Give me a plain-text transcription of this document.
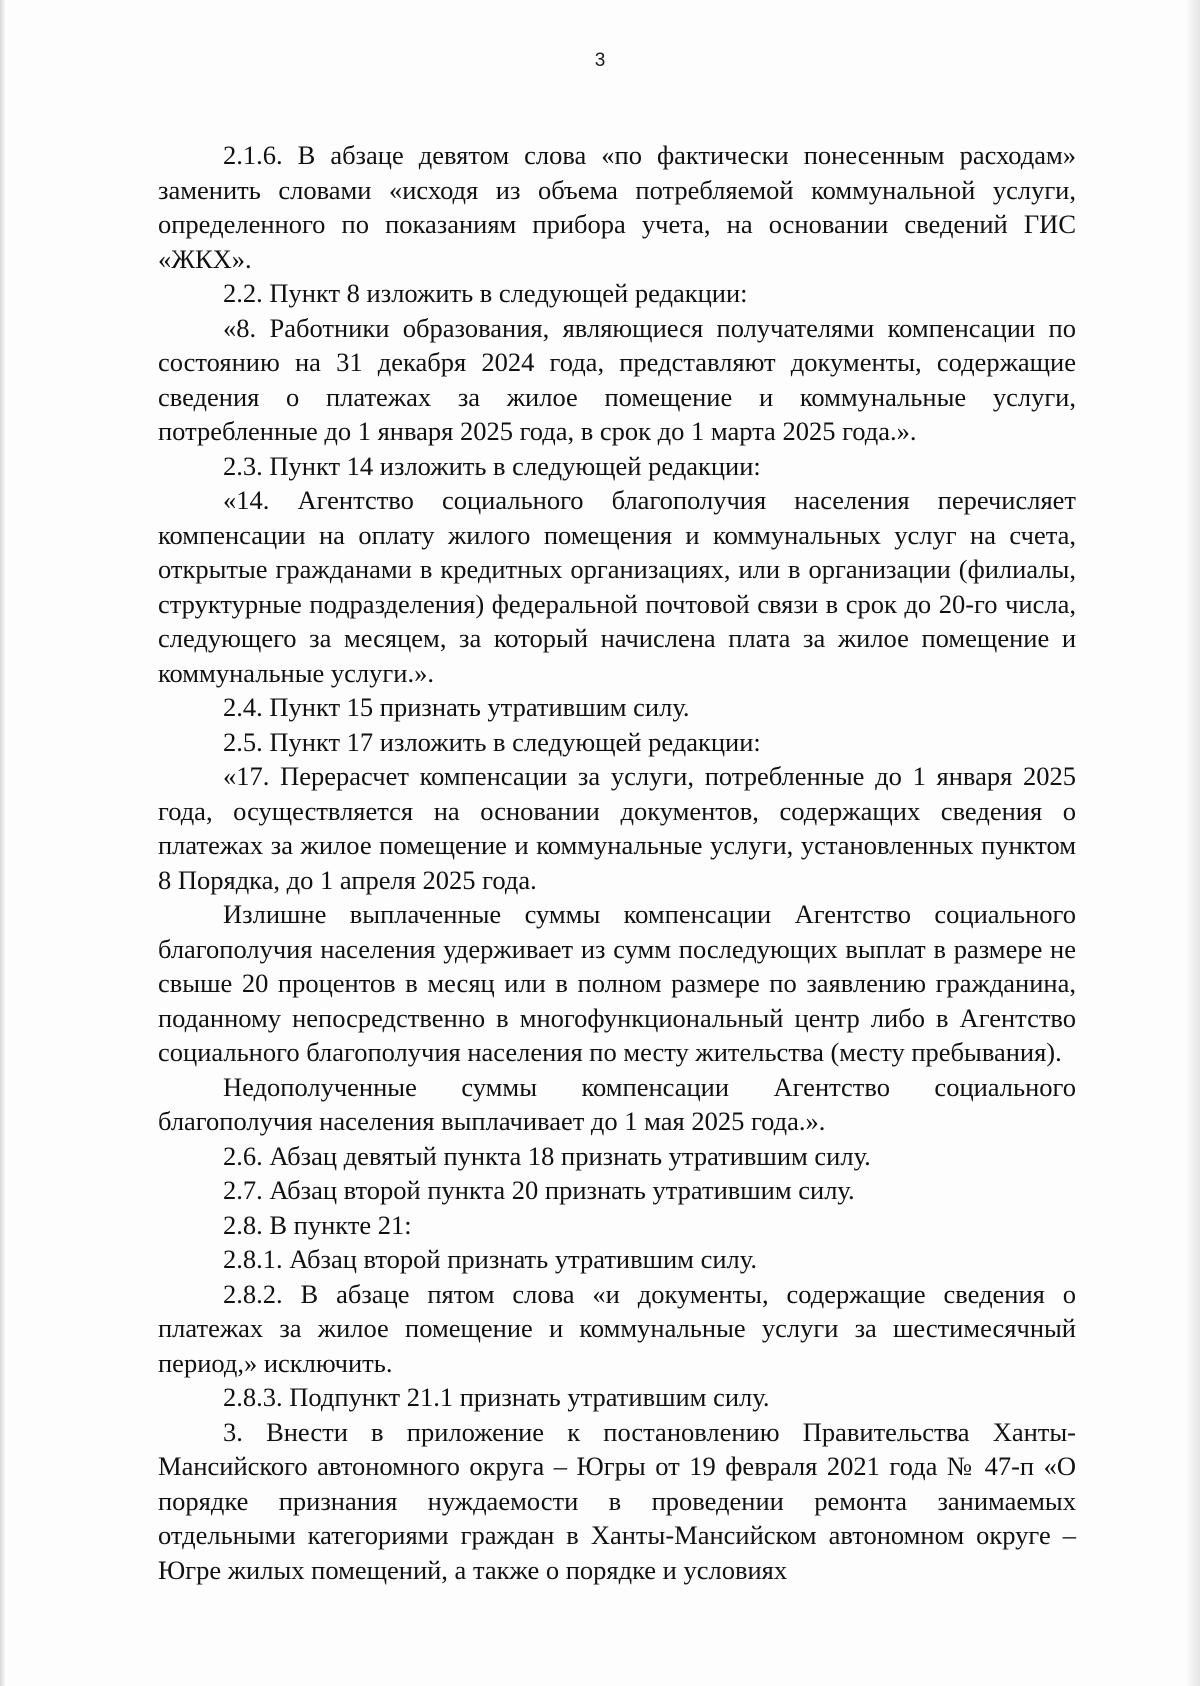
3

2.1.6. В абзаце девятом слова «по фактически понесенным расходам» заменить словами «исходя из объема потребляемой коммунальной услуги, определенного по показаниям прибора учета, на основании сведений ГИС «ЖКХ».

2.2. Пункт 8 изложить в следующей редакции:

«8. Работники образования, являющиеся получателями компенсации по состоянию на 31 декабря 2024 года, представляют документы, содержащие сведения о платежах за жилое помещение и коммунальные услуги, потребленные до 1 января 2025 года, в срок до 1 марта 2025 года.».

2.3. Пункт 14 изложить в следующей редакции:

«14. Агентство социального благополучия населения перечисляет компенсации на оплату жилого помещения и коммунальных услуг на счета, открытые гражданами в кредитных организациях, или в организации (филиалы, структурные подразделения) федеральной почтовой связи в срок до 20-го числа, следующего за месяцем, за который начислена плата за жилое помещение и коммунальные услуги.».

2.4. Пункт 15 признать утратившим силу.

2.5. Пункт 17 изложить в следующей редакции:

«17. Перерасчет компенсации за услуги, потребленные до 1 января 2025 года, осуществляется на основании документов, содержащих сведения о платежах за жилое помещение и коммунальные услуги, установленных пунктом 8 Порядка, до 1 апреля 2025 года.

Излишне выплаченные суммы компенсации Агентство социального благополучия населения удерживает из сумм последующих выплат в размере не свыше 20 процентов в месяц или в полном размере по заявлению гражданина, поданному непосредственно в многофункциональный центр либо в Агентство социального благополучия населения по месту жительства (месту пребывания).

Недополученные суммы компенсации Агентство социального благополучия населения выплачивает до 1 мая 2025 года.».

2.6. Абзац девятый пункта 18 признать утратившим силу.

2.7. Абзац второй пункта 20 признать утратившим силу.

2.8. В пункте 21:

2.8.1. Абзац второй признать утратившим силу.

2.8.2. В абзаце пятом слова «и документы, содержащие сведения о платежах за жилое помещение и коммунальные услуги за шестимесячный период,» исключить.

2.8.3. Подпункт 21.1 признать утратившим силу.

3. Внести в приложение к постановлению Правительства Ханты-Мансийского автономного округа – Югры от 19 февраля 2021 года № 47-п «О порядке признания нуждаемости в проведении ремонта занимаемых отдельными категориями граждан в Ханты-Мансийском автономном округе – Югре жилых помещений, а также о порядке и условиях
